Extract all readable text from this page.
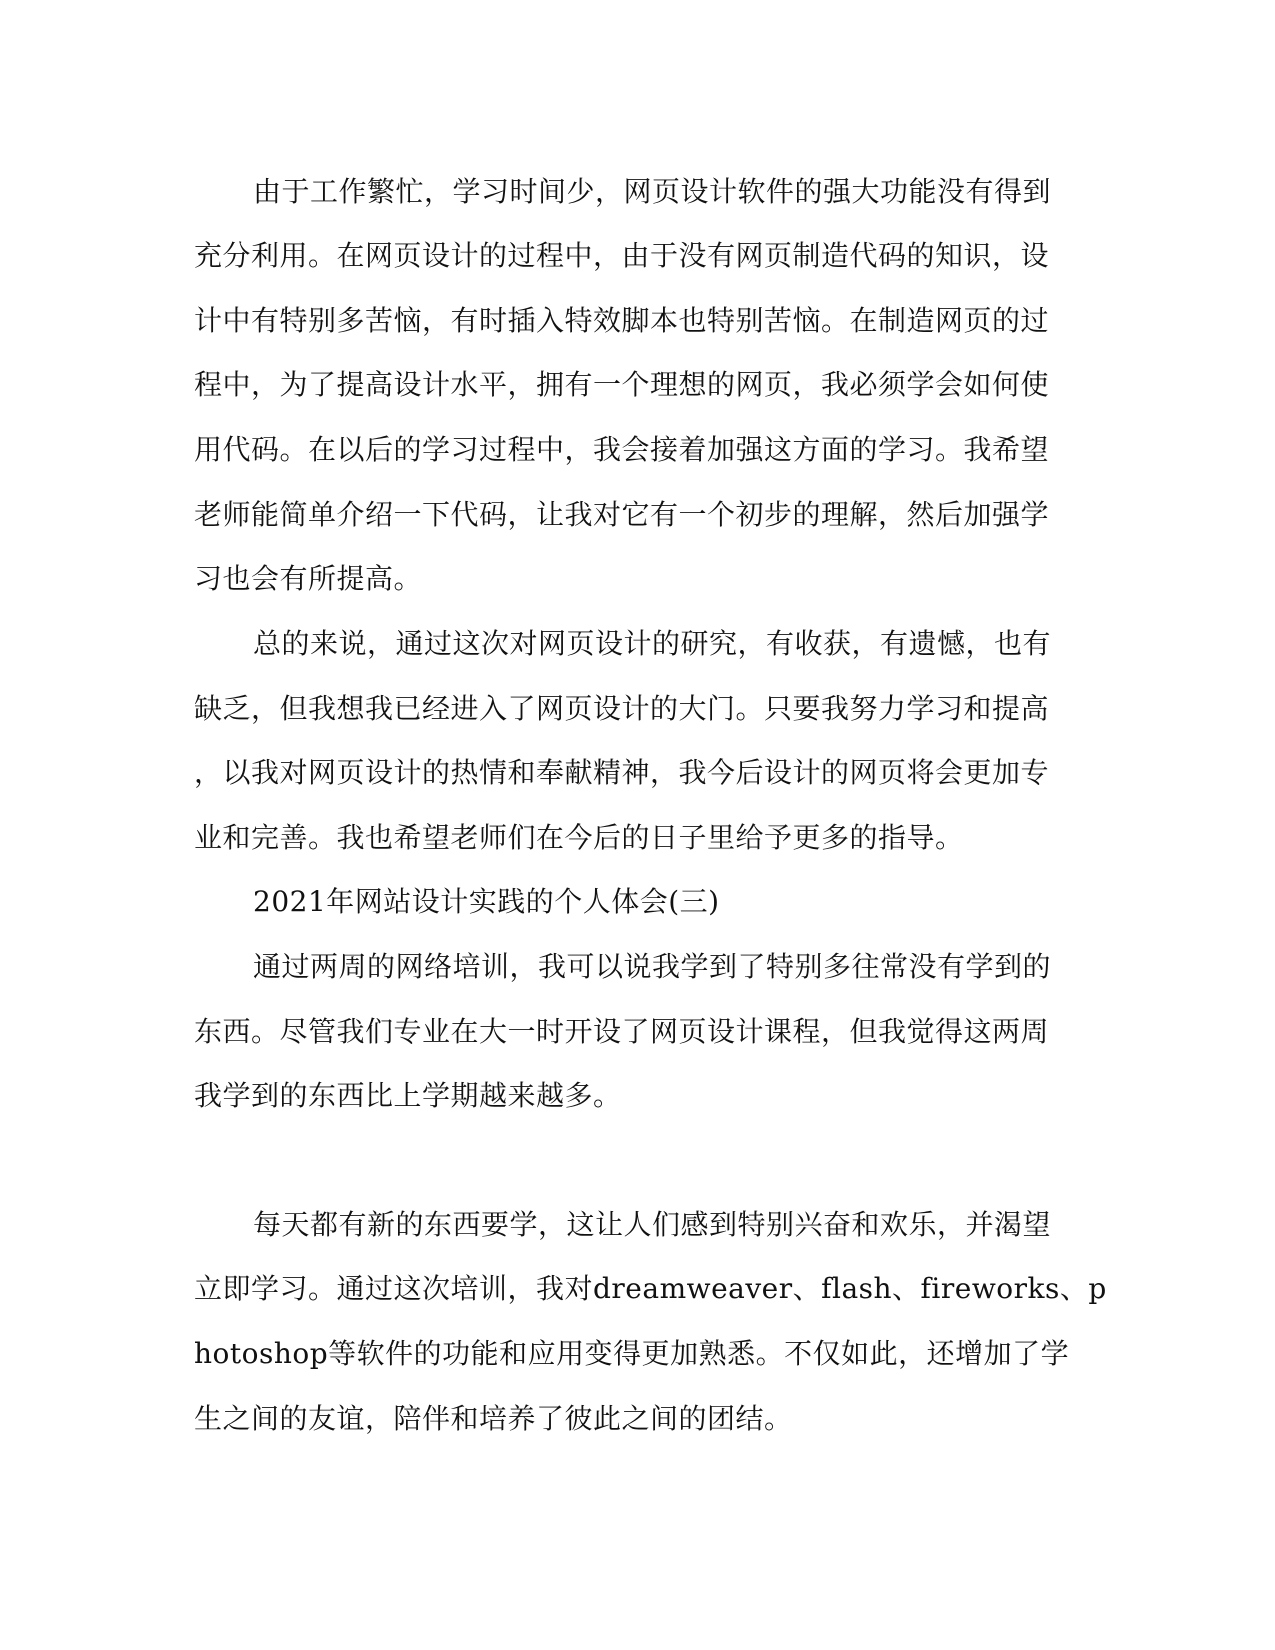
由于工作繁忙，学习时间少，网页设计软件的强大功能没有得到
充分利用。在网页设计的过程中，由于没有网页制造代码的知识，设
计中有特别多苦恼，有时插入特效脚本也特别苦恼。在制造网页的过
程中，为了提高设计水平，拥有一个理想的网页，我必须学会如何使
用代码。在以后的学习过程中，我会接着加强这方面的学习。我希望
老师能简单介绍一下代码，让我对它有一个初步的理解，然后加强学
习也会有所提高。
总的来说，通过这次对网页设计的研究，有收获，有遗憾，也有
缺乏，但我想我已经进入了网页设计的大门。只要我努力学习和提高
，以我对网页设计的热情和奉献精神，我今后设计的网页将会更加专
业和完善。我也希望老师们在今后的日子里给予更多的指导。
2021年网站设计实践的个人体会(三)
通过两周的网络培训，我可以说我学到了特别多往常没有学到的
东西。尽管我们专业在大一时开设了网页设计课程，但我觉得这两周
我学到的东西比上学期越来越多。
每天都有新的东西要学，这让人们感到特别兴奋和欢乐，并渴望
立即学习。通过这次培训，我对dreamweaver、flash、fireworks、p
hotoshop等软件的功能和应用变得更加熟悉。不仅如此，还增加了学
生之间的友谊，陪伴和培养了彼此之间的团结。
